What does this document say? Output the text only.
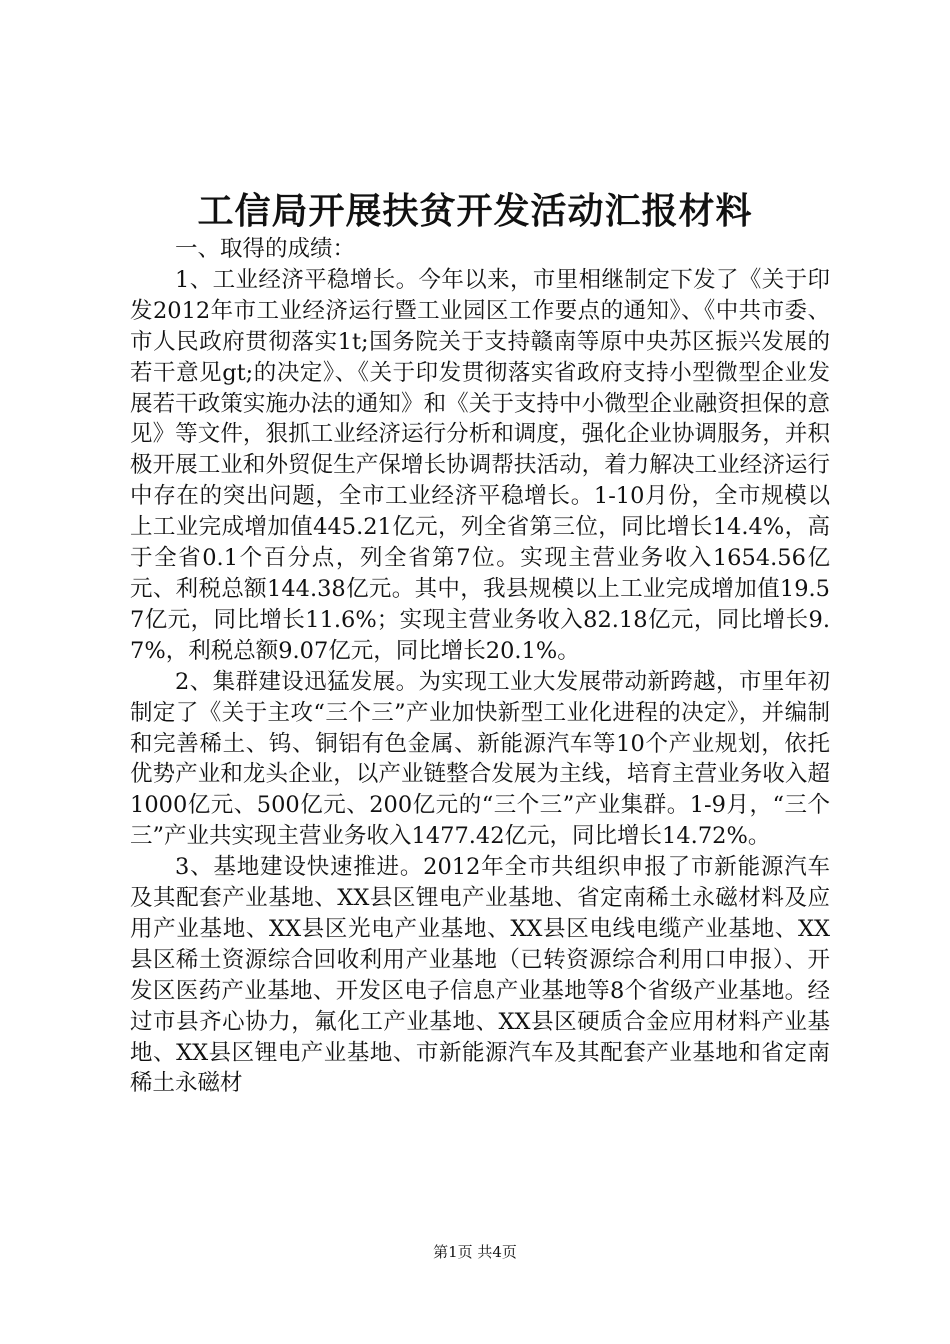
工信局开展扶贫开发活动汇报材料

一、取得的成绩：

1、工业经济平稳增长。今年以来，市里相继制定下发了《关于印发2012年市工业经济运行暨工业园区工作要点的通知》、《中共市委、市人民政府贯彻落实1t;国务院关于支持赣南等原中央苏区振兴发展的若干意见gt;的决定》、《关于印发贯彻落实省政府支持小型微型企业发展若干政策实施办法的通知》和《关于支持中小微型企业融资担保的意见》等文件，狠抓工业经济运行分析和调度，强化企业协调服务，并积极开展工业和外贸促生产保增长协调帮扶活动，着力解决工业经济运行中存在的突出问题，全市工业经济平稳增长。1-10月份，全市规模以上工业完成增加值445.21亿元，列全省第三位，同比增长14.4%，高于全省0.1个百分点，列全省第7位。实现主营业务收入1654.56亿元、利税总额144.38亿元。其中，我县规模以上工业完成增加值19.57亿元，同比增长11.6%；实现主营业务收入82.18亿元，同比增长9.7%，利税总额9.07亿元，同比增长20.1%。

2、集群建设迅猛发展。为实现工业大发展带动新跨越，市里年初制定了《关于主攻“三个三”产业加快新型工业化进程的决定》，并编制和完善稀土、钨、铜铝有色金属、新能源汽车等10个产业规划，依托优势产业和龙头企业，以产业链整合发展为主线，培育主营业务收入超1000亿元、500亿元、200亿元的“三个三”产业集群。1-9月，“三个三”产业共实现主营业务收入1477.42亿元，同比增长14.72%。

3、基地建设快速推进。2012年全市共组织申报了市新能源汽车及其配套产业基地、XX县区锂电产业基地、省定南稀土永磁材料及应用产业基地、XX县区光电产业基地、XX县区电线电缆产业基地、XX县区稀土资源综合回收利用产业基地（已转资源综合利用口申报）、开发区医药产业基地、开发区电子信息产业基地等8个省级产业基地。经过市县齐心协力，氟化工产业基地、XX县区硬质合金应用材料产业基地、XX县区锂电产业基地、市新能源汽车及其配套产业基地和省定南稀土永磁材

第1页 共4页
